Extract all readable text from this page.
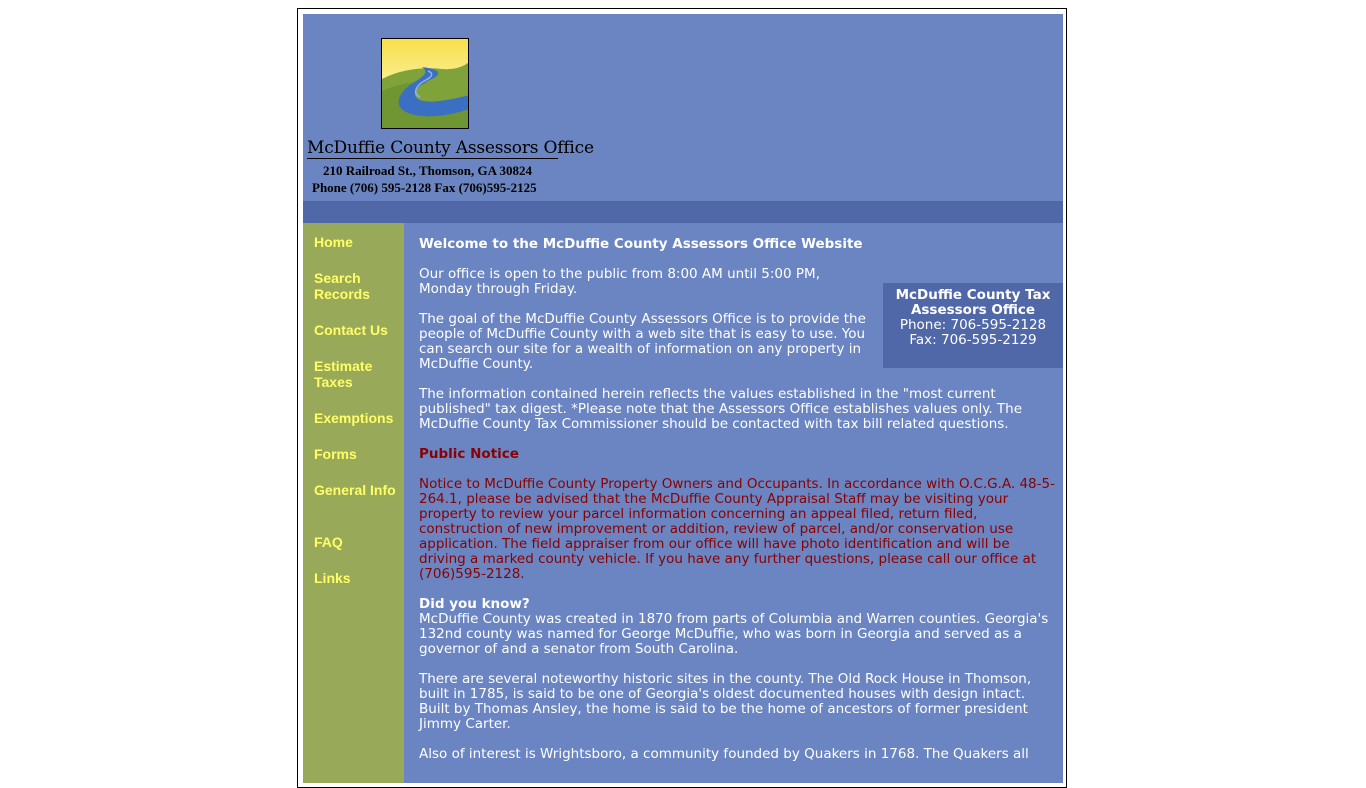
McDuffie County Assessors Office
210 Railroad St., Thomson, GA 30824
Phone (706) 595-2128 Fax (706)595-2125
Home
Search Records
Contact Us
Estimate Taxes
Exemptions
Forms
General Info
FAQ
Links

Welcome to the McDuffie County Assessors Office Website

McDuffie County Tax Assessors Office
Phone: 706-595-2128
Fax: 706-595-2129

Our office is open to the public from 8:00 AM until 5:00 PM, Monday through Friday.

The goal of the McDuffie County Assessors Office is to provide the people of McDuffie County with a web site that is easy to use. You can search our site for a wealth of information on any property in McDuffie County.

The information contained herein reflects the values established in the "most current published" tax digest. *Please note that the Assessors Office establishes values only. The McDuffie County Tax Commissioner should be contacted with tax bill related questions.

Public Notice

Notice to McDuffie County Property Owners and Occupants. In accordance with O.C.G.A. 48-5-264.1, please be advised that the McDuffie County Appraisal Staff may be visiting your property to review your parcel information concerning an appeal filed, return filed, construction of new improvement or addition, review of parcel, and/or conservation use application. The field appraiser from our office will have photo identification and will be driving a marked county vehicle. If you have any further questions, please call our office at (706)595-2128.

Did you know?
McDuffie County was created in 1870 from parts of Columbia and Warren counties. Georgia's 132nd county was named for George McDuffie, who was born in Georgia and served as a governor of and a senator from South Carolina.

There are several noteworthy historic sites in the county. The Old Rock House in Thomson, built in 1785, is said to be one of Georgia's oldest documented houses with design intact. Built by Thomas Ansley, the home is said to be the home of ancestors of former president Jimmy Carter.

Also of interest is Wrightsboro, a community founded by Quakers in 1768. The Quakers all
